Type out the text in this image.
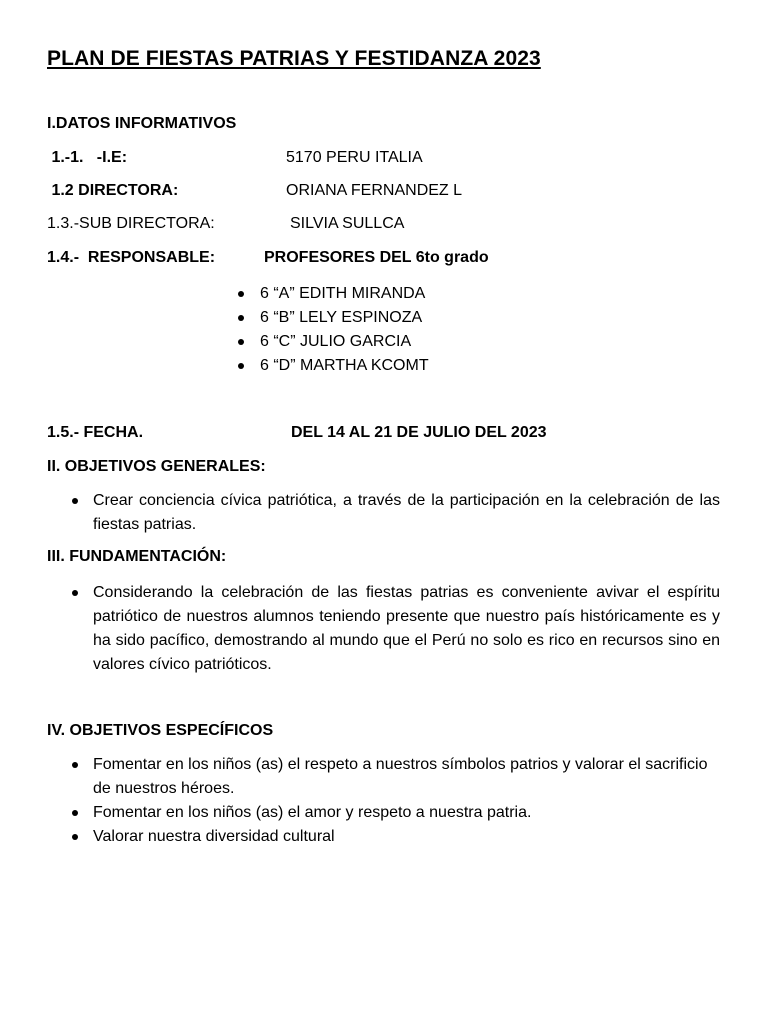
PLAN DE FIESTAS PATRIAS Y FESTIDANZA 2023
I.DATOS INFORMATIVOS
1.-1.   -I.E:	5170 PERU ITALIA
1.2 DIRECTORA:	ORIANA FERNANDEZ L
1.3.-SUB DIRECTORA:	SILVIA SULLCA
1.4.-  RESPONSABLE:	PROFESORES DEL 6to grado
6 “A” EDITH MIRANDA
6 “B” LELY ESPINOZA
6 “C” JULIO GARCIA
6 “D” MARTHA KCOMT
1.5.- FECHA.	DEL 14 AL 21 DE JULIO DEL 2023
II. OBJETIVOS GENERALES:
Crear conciencia cívica patriótica, a través de la participación en la celebración de las fiestas patrias.
III. FUNDAMENTACIÓN:
Considerando la celebración de las fiestas patrias es conveniente avivar el espíritu patriótico de nuestros alumnos teniendo presente que nuestro país históricamente es y ha sido pacífico, demostrando al mundo que el Perú no solo es rico en recursos sino en valores cívico patrióticos.
IV. OBJETIVOS ESPECÍFICOS
Fomentar en los niños (as) el respeto a nuestros símbolos patrios y valorar el sacrificio de nuestros héroes.
Fomentar en los niños (as) el amor y respeto a nuestra patria.
Valorar nuestra diversidad cultural
